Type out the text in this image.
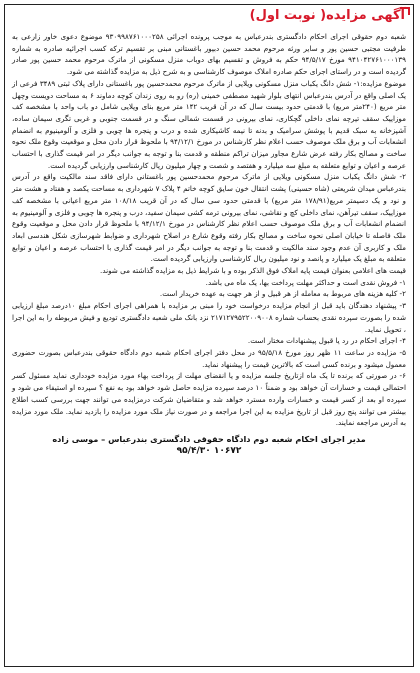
آگهی مزایده( نوبت اول)

شعبه دوم حقوقی اجرای احکام دادگستری بندرعباس به موجب پرونده اجرائی ۹۳۰۹۹۸۷۶۱۰۰۰۲۵۸ موضوع دعوی خاور زارعی به طرفیت مجتبی حسین پور و سایر ورثه مرحوم محمد حسین دبیور باغستانی مبنی بر تقسیم ترکه کسب اجرائیه صادره به شماره ۹۴۱۰۴۲۷۶۱۰۰۰۱۳۹ مورخ ۹۴/۵/۱۷ حکم به فروش و تقسیم بهای دوباب منزل مسکونی از ماترک مرحوم محمد حسین پور صادر گردیده است و در راستای اجرای حکم صادره املاک موصوف کارشناسی و به شرح ذیل به مزایده گذاشته می شود.

موضوع مزایده:۱- شش دانگ یکباب منزل مسکونی ویلایی از ماترک مرحوم محمدحسین پور باغستانی دارای پلاک ثبتی ۳۴۸۹ فرعی از یک اصلی واقع در آدرس بندرعباس انتهای بلوار شهید مصطفی خمینی (ره) رو به روی زندان کوچه دماوند ۶ به مساحت دویست وچهل متر مربع (۲۴۰متر مربع) با قدمتی حدود بیست سال که در آن قریب ۱۴۲ متر مربع بنای ویلایی شامل دو باب واحد با مشخصه کف موزاییک سقف تیرچه نمای داخلی گچکاری، نمای بیرونی در قسمت شمالی سنگ و در قسمت جنوبی و غربی تگری سیمان ساده، آشپزخانه به سبک قدیم با پوشش سرامیک و بدنه تا نیمه کاشیکاری شده و درب و پنجره ها چوبی و فلزی و آلومینیوم به انضمام انشعابات آب و برق ملک موصوف حسب اعلام نظر کارشناس در مورخ ۹۴/۱۲/۱ با ملحوظ قرار دادن محل و موقعیت وقوع ملک نحوه ساخت و مصالح بکار رفته عرض شارع مجاور میزان تراکم منطقه و قدمت بنا و توجه به جوانب دیگر در امر قیمت گذاری با احتساب عرصه و اعیان و توابع متعلقه به مبلغ سه میلیارد و هفتصد و شصت و چهار میلیون ریال کارشناسی وارزیابی گردیده است.

۲- شش دانگ یکباب منزل مسکونی ویلایی از ماترک مرحوم محمدحسین پور باغستانی دارای فاقد سند مالکیت واقع در آدرس بندرعباس میدان شریعتی (شاه حسینی) پشت انتقال خون سایق کوچه خاتم ۴ پلاک ۷ شهرداری به مساحت یکصد و هفتاد و هشت متر و نود و یک دسیمتر مربع(۱۷۸/۹۱ متر مربع) با قدمتی حدود سی سال که در آن قریب ۱۰۸/۱۸ متر مربع اعیانی با مشخصه کف موزاییک، سقف تیرآهن، نمای داخلی کچ و نقاشی، نمای بیرونی ترمه کشی سیمان سفید، درب و پنجره ها چوبی و فلزی و آلومینیوم به انضمام انشعابات آب و برق ملک موصوف حسب اعلام نظر کارشناس در مورخ ۹۴/۱۲/۱ با ملحوظ قرار دادن محل و موقعیت وقوع ملک فاصله تا خیابان اصلی نحوه ساخت و مصالح بکار رفته وقوع شارع در اصلاح شهرداری و ضوابط شهرسازی شکل هندسی ابعاد ملک و کاربری آن عدم وجود سند مالکیت و قدمت بنا و توجه به جوانب دیگر در امر قیمت گذاری با احتساب عرصه و اعیان و توابع متعلقه به مبلغ یک میلیارد و پانصد و نود میلیون ریال کارشناسی وارزیابی گردیده است.

قیمت های اعلامی بعنوان قیمت پایه املاک فوق الذکر بوده و با شرایط ذیل به مزایده گذاشته می شوند.

۱- فروش نقدی است و حداکثر مهلت پرداخت بها، یک ماه می باشد.

۲- کلیه هزینه های مربوط به معامله از هر قبیل و از هر جهت به عهده خریدار است.

۳- پیشنهاد دهندگان باید قبل از انجام مزایده درخواست خود را مبنی بر مزایده با همراهی اجرای احکام مبلغ ۱۰درصد مبلغ ارزیابی شده را بصورت سپرده نقدی بحساب شماره ۲۱۷۱۲۷۹۵۲۲۰۰۹۰۰۸ نزد بانک ملی شعبه دادگستری تودیع و فیش مربوطه را به این اجرا ، تحویل نماید.

۴- اجرای احکام در رد یا قبول پیشنهادات مختار است.

۵- مزایده در ساعت ۱۱ ظهر روز مورخ ۹۵/۵/۱۸ در محل دفتر اجرای احکام شعبه دوم دادگاه حقوقی بندرعباس بصورت حضوری معمول میشود و برنده کسی است که بالاترین قیمت را پیشنهاد نماید.

۶- در صورتی که برنده تا یک ماه ازتاریخ جلسه مزایده و یا انقضای مهلت از پرداخت بهاء مورد مزایده خودداری نماید مسئول کسر احتمالی قیمت و خسارات آن خواهد بود و ضمناً ۱۰ درصد سپرده مزایده حاصل شود خواهد بود به نفع ؟ سپرده او استیفاء می شود و سپرده او بعد از کسر قیمت و خسارات وارده مسترد خواهد شد و متقاضیان شرکت درمزایده می توانند جهت بررسی کسب اطلاع بیشتر می توانند پنج روز قبل از تاریخ مزایده به این اجرا مراجعه و در صورت نیاز ملک مورد مزایده را بازدید نماید. ملک مورد مزایده به آدرس مراجعه نمایند.

مدیر اجرای احکام شعبه دوم دادگاه حقوقی دادگستری بندرعباس – موسی زاده
۹۵/۴/۳۰ ۱۰۶۷۲
